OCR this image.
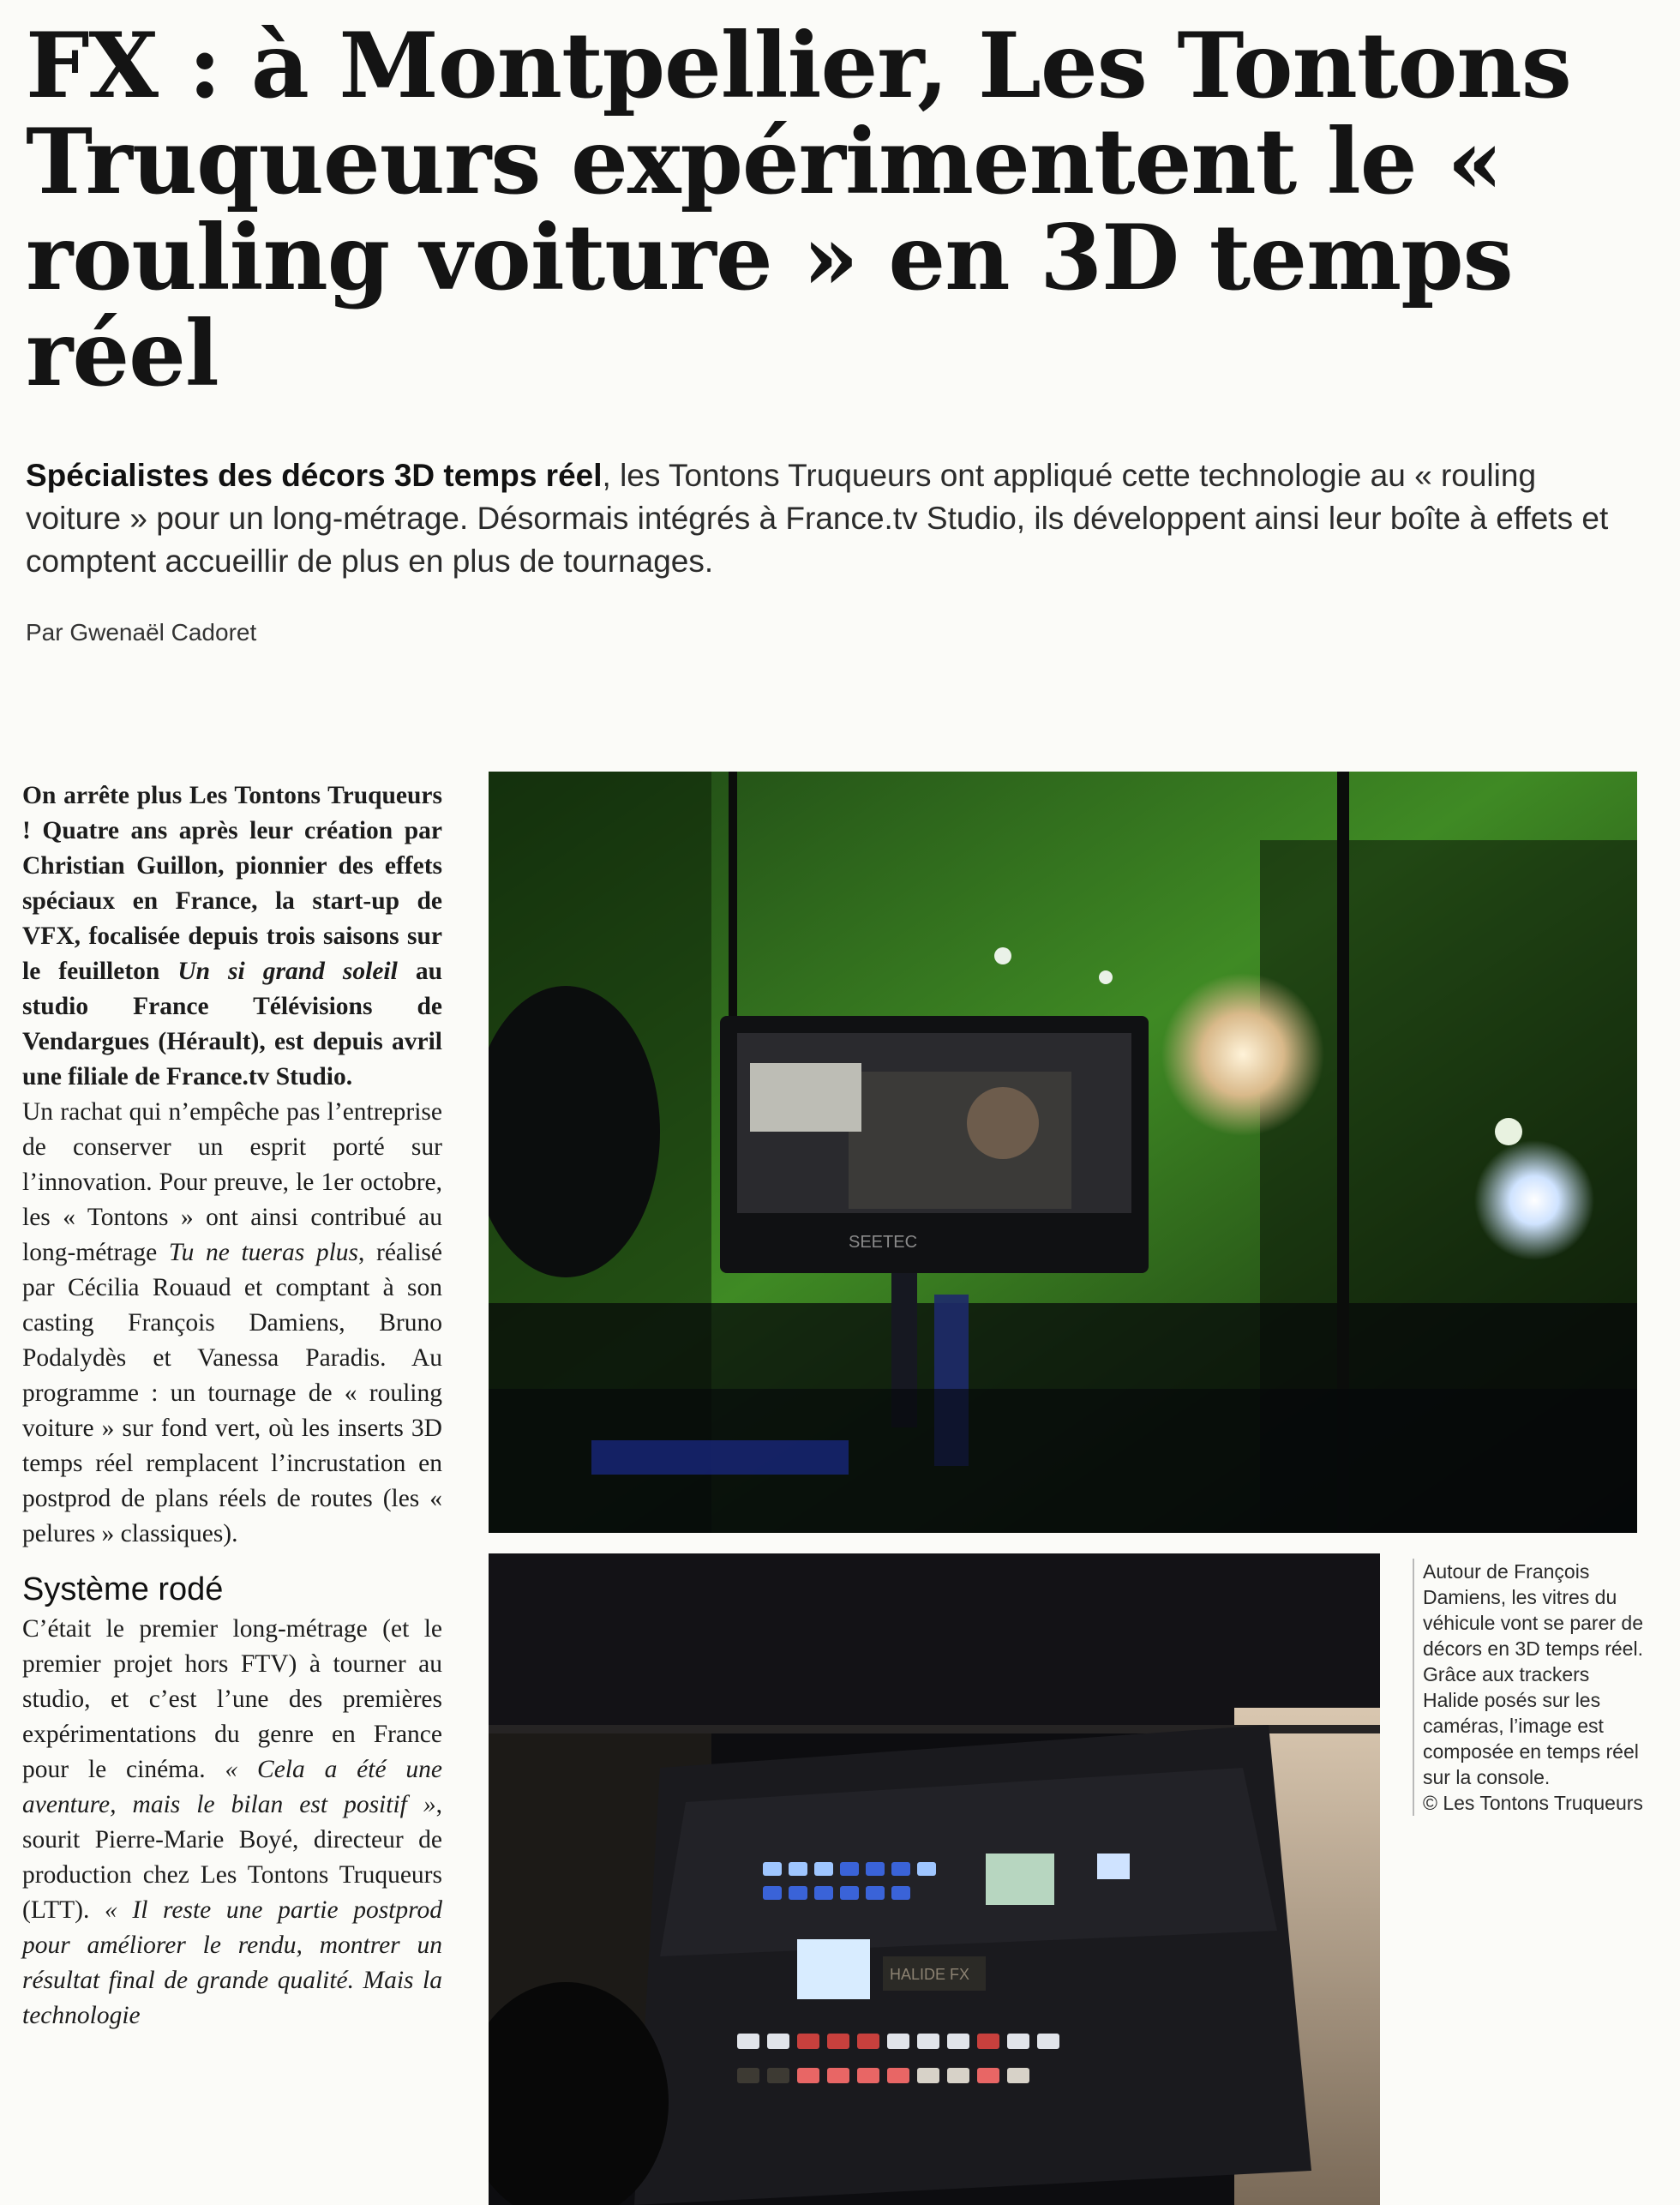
FX : à Montpellier, Les Tontons Truqueurs expérimentent le « rouling voiture » en 3D temps réel

Spécialistes des décors 3D temps réel, les Tontons Truqueurs ont appliqué cette technologie au « rouling voiture » pour un long-métrage. Désormais intégrés à France.tv Studio, ils développent ainsi leur boîte à effets et comptent accueillir de plus en plus de tournages.

Par Gwenaël Cadoret

On arrête plus Les Tontons Truqueurs ! Quatre ans après leur création par Christian Guillon, pionnier des effets spéciaux en France, la start-up de VFX, focalisée depuis trois saisons sur le feuilleton Un si grand soleil au studio France Télévisions de Vendargues (Hérault), est depuis avril une filiale de France.tv Studio.

Un rachat qui n’empêche pas l’entreprise de conserver un esprit porté sur l’innovation. Pour preuve, le 1er octobre, les « Tontons » ont ainsi contribué au long-métrage Tu ne tueras plus, réalisé par Cécilia Rouaud et comptant à son casting François Damiens, Bruno Podalydès et Vanessa Paradis. Au programme : un tournage de « rouling voiture » sur fond vert, où les inserts 3D temps réel remplacent l’incrustation en postprod de plans réels de routes (les « pelures » classiques).

Système rodé

C’était le premier long-métrage (et le premier projet hors FTV) à tourner au studio, et c’est l’une des premières expérimentations du genre en France pour le cinéma. « Cela a été une aventure, mais le bilan est positif », sourit Pierre-Marie Boyé, directeur de production chez Les Tontons Truqueurs (LTT). « Il reste une partie postprod pour améliorer le rendu, montrer un résultat final de grande qualité. Mais la technologie

SEETEC
HALIDE FX
Autour de François Damiens, les vitres du véhicule vont se parer de décors en 3D temps réel. Grâce aux trackers Halide posés sur les caméras, l’image est composée en temps réel sur la console.
© Les Tontons Truqueurs
